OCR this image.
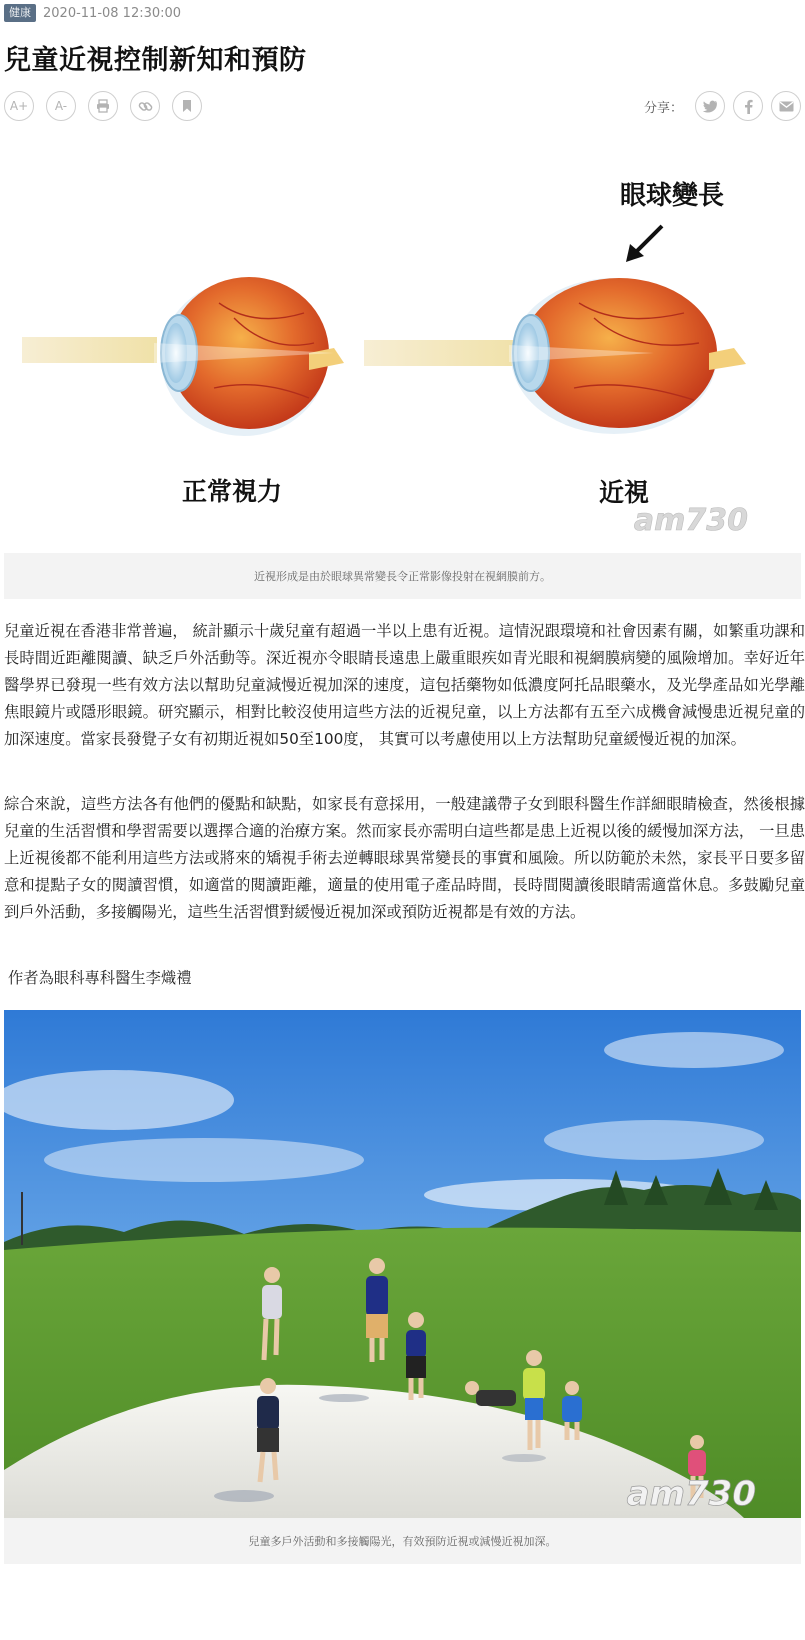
健康 2020-11-08 12:30:00
兒童近視控制新知和預防
A+	A-	分享：
眼球變長
正常視力	近視
am730
近視形成是由於眼球異常變長令正常影像投射在視網膜前方。

兒童近視在香港非常普遍， 統計顯示十歲兒童有超過一半以上患有近視。這情況跟環境和社會因素有關，如繁重功課和長時間近距離閱讀、缺乏戶外活動等。深近視亦令眼睛長遠患上嚴重眼疾如青光眼和視網膜病變的風險增加。幸好近年醫學界已發現一些有效方法以幫助兒童減慢近視加深的速度，這包括藥物如低濃度阿托品眼藥水，及光學產品如光學離焦眼鏡片或隱形眼鏡。研究顯示，相對比較沒使用這些方法的近視兒童，以上方法都有五至六成機會減慢患近視兒童的加深速度。當家長發覺子女有初期近視如50至100度， 其實可以考慮使用以上方法幫助兒童緩慢近視的加深。

綜合來說，這些方法各有他們的優點和缺點，如家長有意採用，一般建議帶子女到眼科醫生作詳細眼睛檢查，然後根據兒童的生活習慣和學習需要以選擇合適的治療方案。然而家長亦需明白這些都是患上近視以後的緩慢加深方法， 一旦患上近視後都不能利用這些方法或將來的矯視手術去逆轉眼球異常變長的事實和風險。所以防範於未然，家長平日要多留意和提點子女的閱讀習慣，如適當的閱讀距離，適量的使用電子產品時間，長時間閱讀後眼睛需適當休息。多鼓勵兒童到戶外活動，多接觸陽光，這些生活習慣對緩慢近視加深或預防近視都是有效的方法。

作者為眼科專科醫生李熾禮

am730
兒童多戶外活動和多接觸陽光，有效預防近視或減慢近視加深。
